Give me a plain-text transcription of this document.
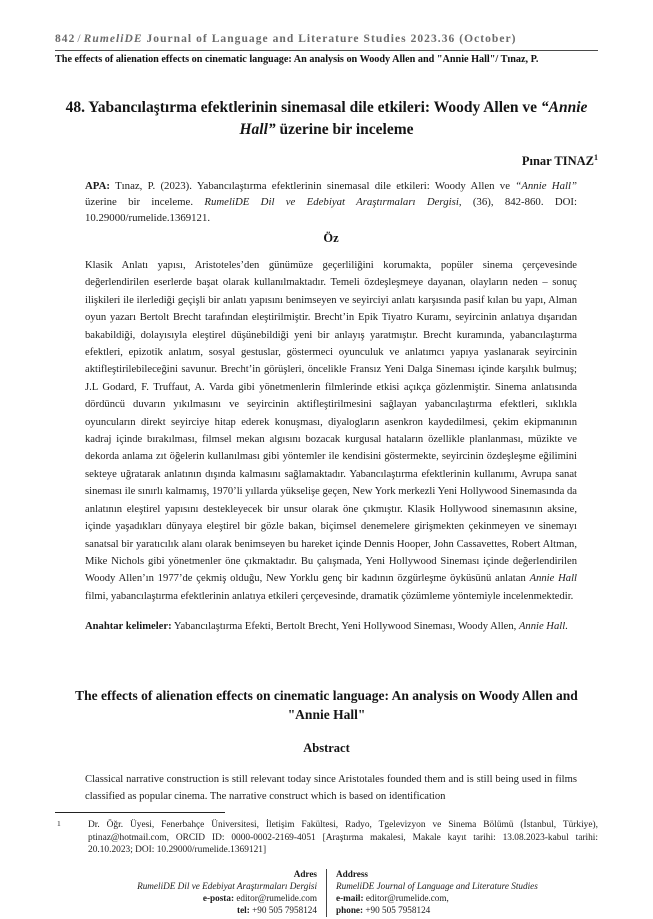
842 / RumeliDE Journal of Language and Literature Studies 2023.36 (October)
The effects of alienation effects on cinematic language: An analysis on Woody Allen and "Annie Hall"/ Tınaz, P.
48. Yabancılaştırma efektlerinin sinemasal dile etkileri: Woody Allen ve “Annie Hall” üzerine bir inceleme
Pınar TINAZ$^1$
APA: Tınaz, P. (2023). Yabancılaştırma efektlerinin sinemasal dile etkileri: Woody Allen ve “Annie Hall” üzerine bir inceleme. RumeliDE Dil ve Edebiyat Araştırmaları Dergisi, (36), 842-860. DOI: 10.29000/rumelide.1369121.
Öz

Klasik Anlatı yapısı, Aristoteles’den günümüze geçerliliğini korumakta, popüler sinema çerçevesinde değerlendirilen eserlerde başat olarak kullanılmaktadır. Temeli özdeşleşmeye dayanan, olayların neden – sonuç ilişkileri ile ilerlediği geçişli bir anlatı yapısını benimseyen ve seyirciyi anlatı karşısında pasif kılan bu yapı, Alman oyun yazarı Bertolt Brecht tarafından eleştirilmiştir. Brecht’in Epik Tiyatro Kuramı, seyircinin anlatıya dışarıdan bakabildiği, dolayısıyla eleştirel düşünebildiği yeni bir anlayış yaratmıştır. Brecht kuramında, yabancılaştırma efektleri, epizotik anlatım, sosyal gestuslar, göstermeci oyunculuk ve anlatımcı yapıya yaslanarak seyircinin aktifleştirilebileceğini savunur. Brecht’in görüşleri, öncelikle Fransız Yeni Dalga Sineması içinde karşılık bulmuş; J.L Godard, F. Truffaut, A. Varda gibi yönetmenlerin filmlerinde etkisi açıkça gözlenmiştir. Sinema anlatısında dördüncü duvarın yıkılmasını ve seyircinin aktifleştirilmesini sağlayan yabancılaştırma efektleri, sıklıkla oyuncuların direkt seyirciye hitap ederek konuşması, diyalogların asenkron kaydedilmesi, çekim ekipmanının kadraj içinde bırakılması, filmsel mekan algısını bozacak kurgusal hataların özellikle planlanması, müzikte ve dekorda anlama zıt öğelerin kullanılması gibi yöntemler ile kendisini göstermekte, seyircinin özdeşleşme eğilimini sekteye uğratarak anlatının dışında kalmasını sağlamaktadır. Yabancılaştırma efektlerinin kullanımı, Avrupa sanat sineması ile sınırlı kalmamış, 1970’li yıllarda yükselişe geçen, New York merkezli Yeni Hollywood Sinemasında da anlatının eleştirel yapısını destekleyecek bir unsur olarak öne çıkmıştır. Klasik Hollywood sinemasının aksine, içinde yaşadıkları dünyaya eleştirel bir gözle bakan, biçimsel denemelere girişmekten çekinmeyen ve sinemayı sanatsal bir yaratıcılık alanı olarak benimseyen bu hareket içinde Dennis Hooper, John Cassavettes, Robert Altman, Mike Nichols gibi yönetmenler öne çıkmaktadır. Bu çalışmada, Yeni Hollywood Sineması içinde değerlendirilen Woody Allen’ın 1977’de çekmiş olduğu, New Yorklu genç bir kadının özgürleşme öyküsünü anlatan Annie Hall filmi, yabancılaştırma efektlerinin anlatıya etkileri çerçevesinde, dramatik çözümleme yöntemiyle incelenmektedir.

Anahtar kelimeler: Yabancılaştırma Efekti, Bertolt Brecht, Yeni Hollywood Sineması, Woody Allen, Annie Hall.

The effects of alienation effects on cinematic language: An analysis on Woody Allen and "Annie Hall"
Abstract

Classical narrative construction is still relevant today since Aristotales founded them and is still being used in films classified as popular cinema. The narrative construct which is based on identification

1	Dr. Öğr. Üyesi, Fenerbahçe Üniversitesi, İletişim Fakültesi, Radyo, Tgelevizyon ve Sinema Bölümü (İstanbul, Türkiye), ptinaz@hotmail.com, ORCID ID: 0000-0002-2169-4051 [Araştırma makalesi, Makale kayıt tarihi: 13.08.2023-kabul tarihi: 20.10.2023; DOI: 10.29000/rumelide.1369121]
Adres
RumeliDE Dil ve Edebiyat Araştırmaları Dergisi
e-posta: editor@rumelide.com
tel: +90 505 7958124
Address
RumeliDE Journal of Language and Literature Studies
e-mail: editor@rumelide.com,
phone: +90 505 7958124
